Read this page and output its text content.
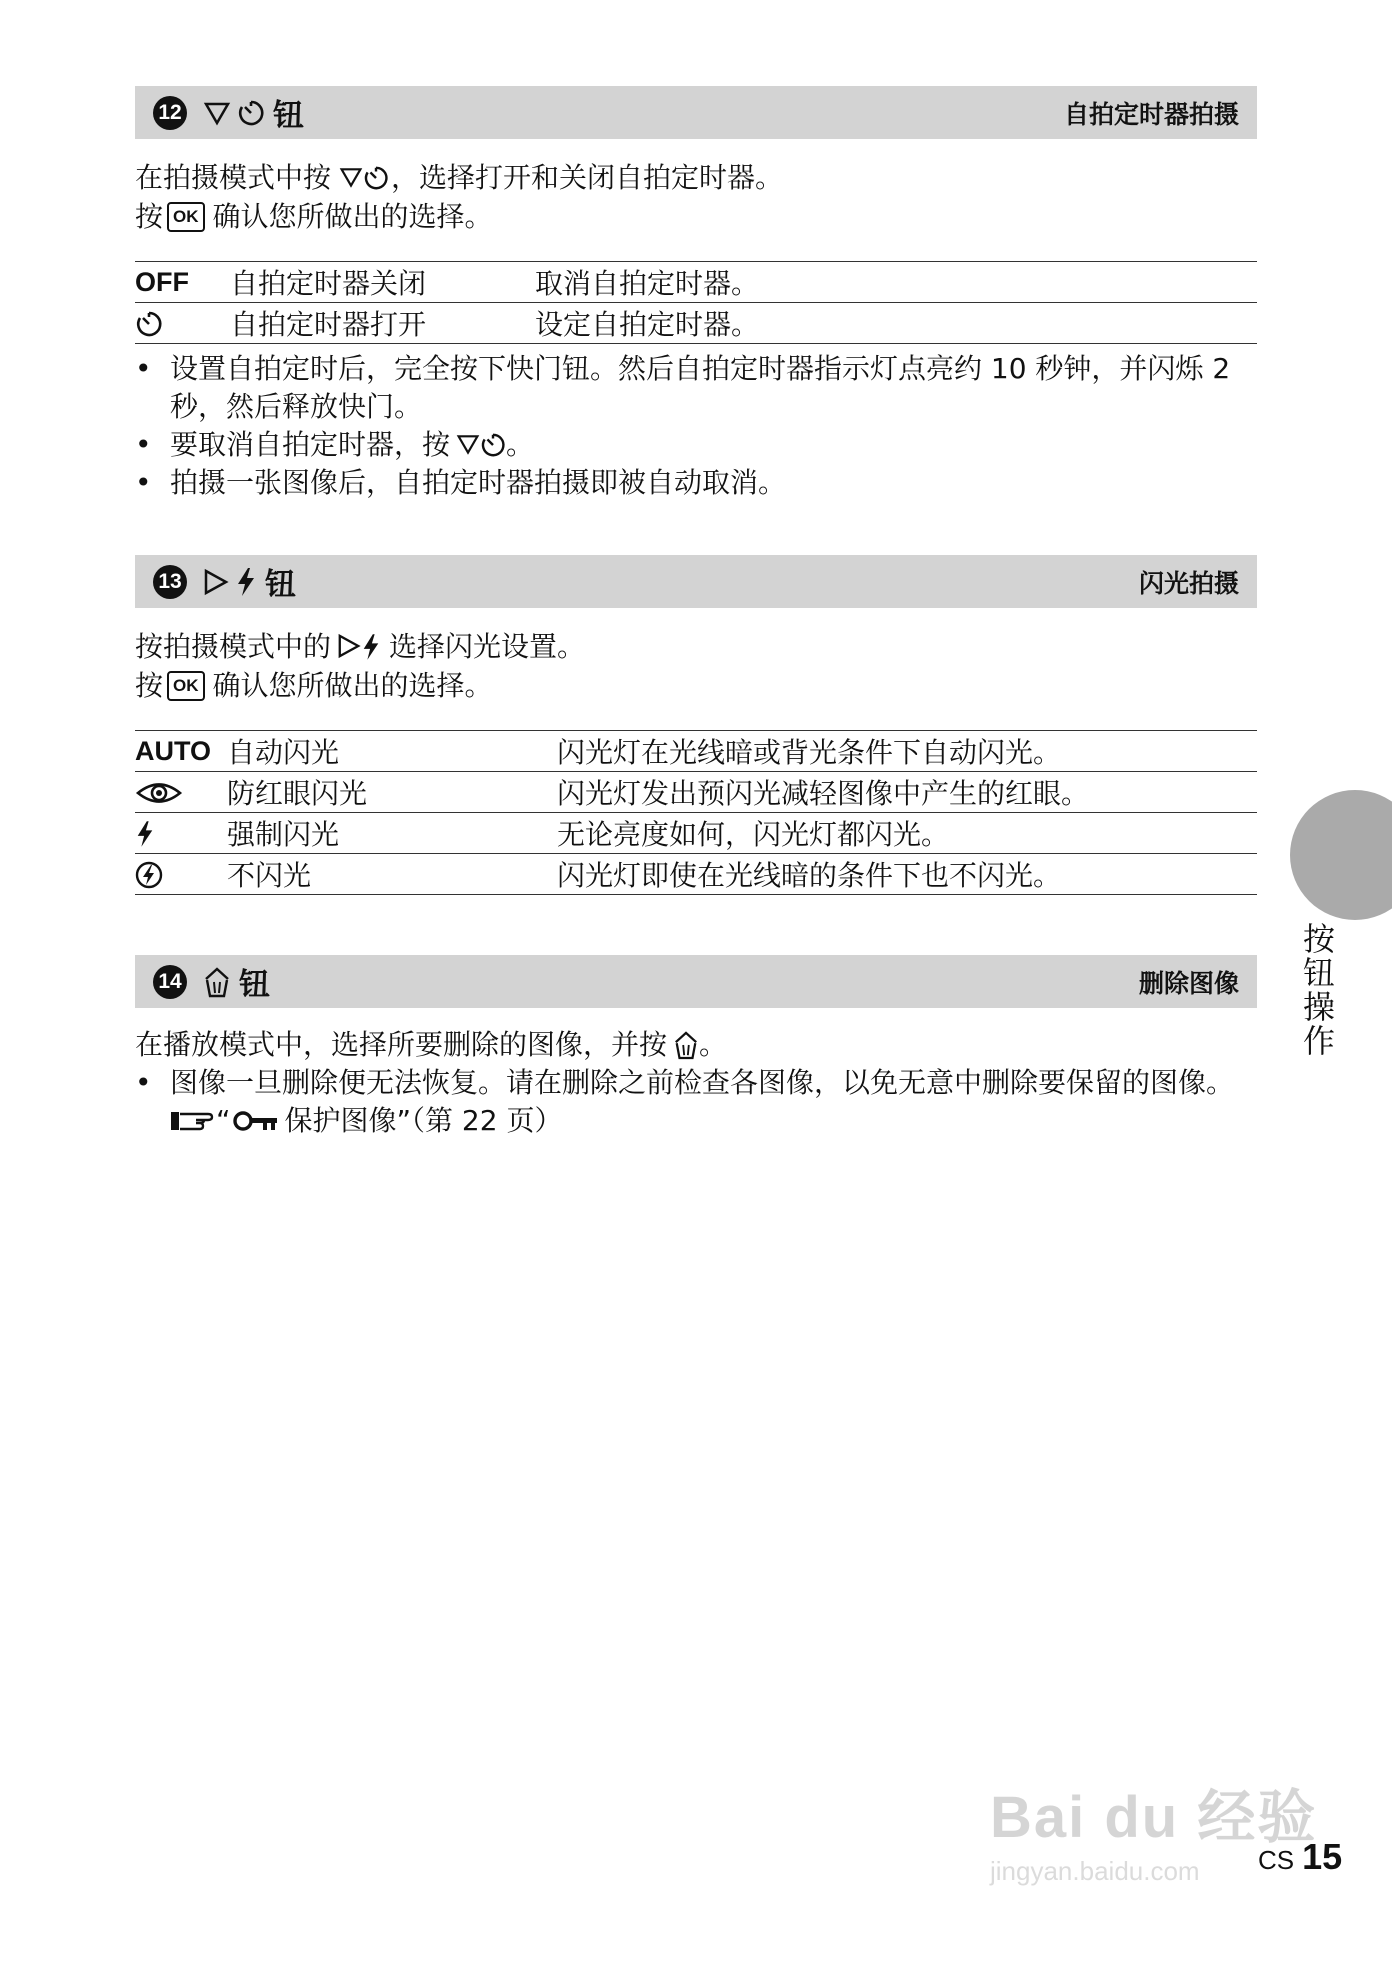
12	钮	自拍定时器拍摄
在拍摄模式中按 ，选择打开和关闭自拍定时器。
按 OK 确认您所做出的选择。
OFF	自拍定时器关闭	取消自拍定时器。
	自拍定时器打开	设定自拍定时器。
• 设置自拍定时后，完全按下快门钮。然后自拍定时器指示灯点亮约 10 秒钟，并闪烁 2秒，然后释放快门。
• 要取消自拍定时器，按 。
• 拍摄一张图像后，自拍定时器拍摄即被自动取消。
13	钮	闪光拍摄
按拍摄模式中的 选择闪光设置。
按 OK 确认您所做出的选择。
AUTO	自动闪光	闪光灯在光线暗或背光条件下自动闪光。
	防红眼闪光	闪光灯发出预闪光减轻图像中产生的红眼。
	强制闪光	无论亮度如何，闪光灯都闪光。
	不闪光	闪光灯即使在光线暗的条件下也不闪光。
14 钮	删除图像
在播放模式中，选择所要删除的图像，并按 。
• 图像一旦删除便无法恢复。请在删除之前检查各图像，以免无意中删除要保留的图像。
“ 保护图像”（第 22 页）
按钮操作
Bai du 经验
jingyan.baidu.com	CS 15
